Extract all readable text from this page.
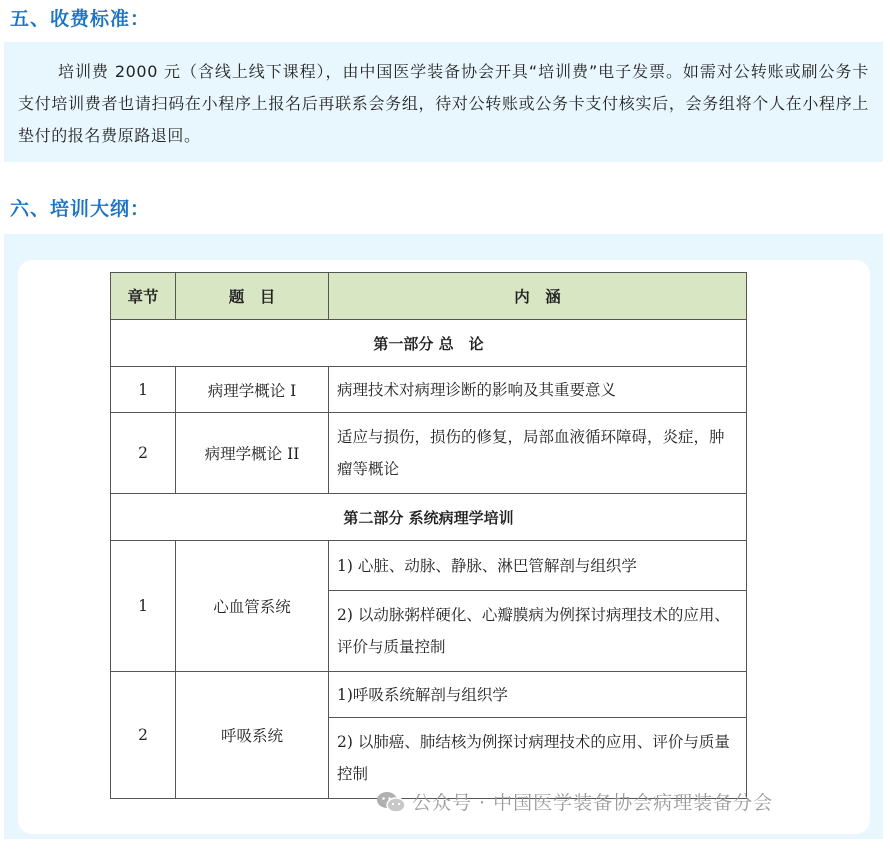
五、收费标准：

培训费 2000 元（含线上线下课程），由中国医学装备协会开具“培训费”电子发票。如需对公转账或刷公务卡支付培训费者也请扫码在小程序上报名后再联系会务组，待对公转账或公务卡支付核实后，会务组将个人在小程序上垫付的报名费原路退回。

六、培训大纲：
章节	题　目	内　涵
第一部分 总　论		
1	病理学概论 I	病理技术对病理诊断的影响及其重要意义
2	病理学概论 II	适应与损伤，损伤的修复，局部血液循环障碍，炎症，肿瘤等概论
第二部分 系统病理学培训		
1	心血管系统	1) 心脏、动脉、静脉、淋巴管解剖与组织学
		2) 以动脉粥样硬化、心瓣膜病为例探讨病理技术的应用、评价与质量控制
2	呼吸系统	1)呼吸系统解剖与组织学
		2) 以肺癌、肺结核为例探讨病理技术的应用、评价与质量控制
公众号 · 中国医学装备协会病理装备分会
